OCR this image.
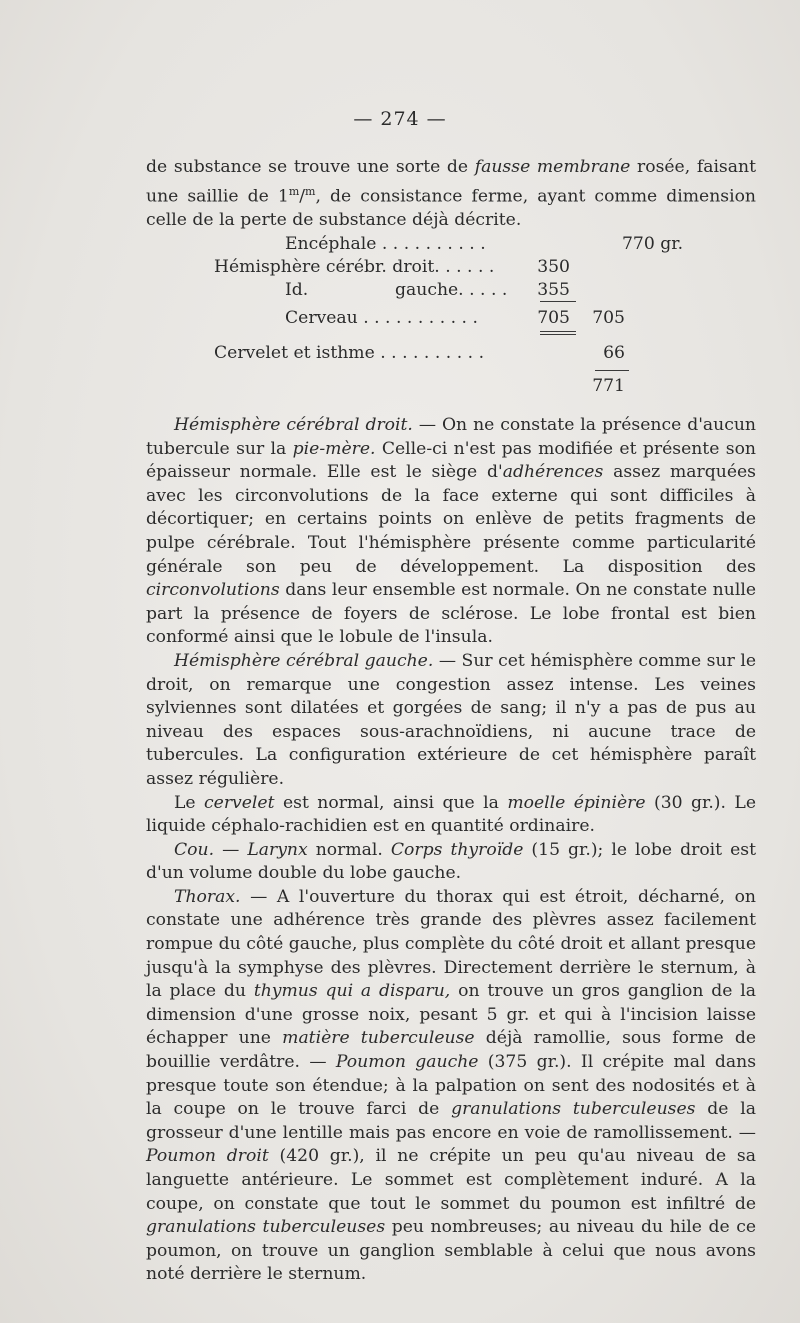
— 274 —

de substance se trouve une sorte de fausse membrane rosée, faisant une saillie de 1$^m$/$^m$, de consistance ferme, ayant comme dimension celle de la perte de substance déjà décrite.

Encéphale . . . . . . . . . .	770 gr.
Hémisphère cérébr. droit. . . . . .	350
Id.	gauche. . . . .	355
Cerveau . . . . . . . . . . .	705	705
Cervelet et isthme . . . . . . . . . .	66
771

Hémisphère cérébral droit. — On ne constate la présence d'aucun tubercule sur la pie-mère. Celle-ci n'est pas modifiée et présente son épaisseur normale. Elle est le siège d'adhérences assez marquées avec les circonvolutions de la face externe qui sont difficiles à décortiquer; en certains points on enlève de petits fragments de pulpe cérébrale. Tout l'hémisphère présente comme particularité générale son peu de développement. La disposition des circonvolutions dans leur ensemble est normale. On ne constate nulle part la présence de foyers de sclérose. Le lobe frontal est bien conformé ainsi que le lobule de l'insula.

Hémisphère cérébral gauche. — Sur cet hémisphère comme sur le droit, on remarque une congestion assez intense. Les veines sylviennes sont dilatées et gorgées de sang; il n'y a pas de pus au niveau des espaces sous-arachnoïdiens, ni aucune trace de tubercules. La configuration extérieure de cet hémisphère paraît assez régulière.

Le cervelet est normal, ainsi que la moelle épinière (30 gr.). Le liquide céphalo-rachidien est en quantité ordinaire.

Cou. — Larynx normal. Corps thyroïde (15 gr.); le lobe droit est d'un volume double du lobe gauche.

Thorax. — A l'ouverture du thorax qui est étroit, décharné, on constate une adhérence très grande des plèvres assez facilement rompue du côté gauche, plus complète du côté droit et allant presque jusqu'à la symphyse des plèvres. Directement derrière le sternum, à la place du thymus qui a disparu, on trouve un gros ganglion de la dimension d'une grosse noix, pesant 5 gr. et qui à l'incision laisse échapper une matière tuberculeuse déjà ramollie, sous forme de bouillie verdâtre. — Poumon gauche (375 gr.). Il crépite mal dans presque toute son étendue; à la palpation on sent des nodosités et à la coupe on le trouve farci de granulations tuberculeuses de la grosseur d'une lentille mais pas encore en voie de ramollissement. — Poumon droit (420 gr.), il ne crépite un peu qu'au niveau de sa languette antérieure. Le sommet est complètement induré. A la coupe, on constate que tout le sommet du poumon est infiltré de granulations tuberculeuses peu nombreuses; au niveau du hile de ce poumon, on trouve un ganglion semblable à celui que nous avons noté derrière le sternum.
